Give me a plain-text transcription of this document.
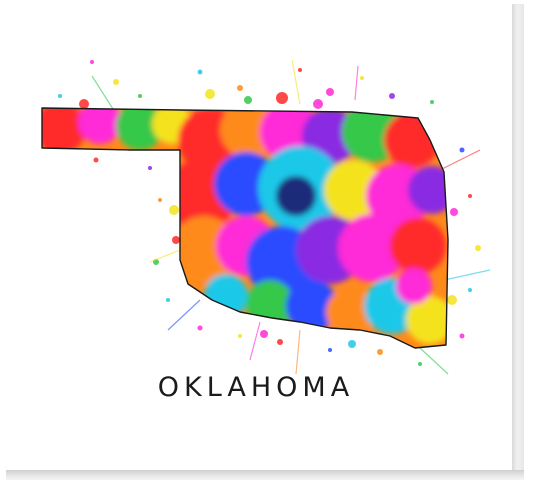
OKLAHOMA
